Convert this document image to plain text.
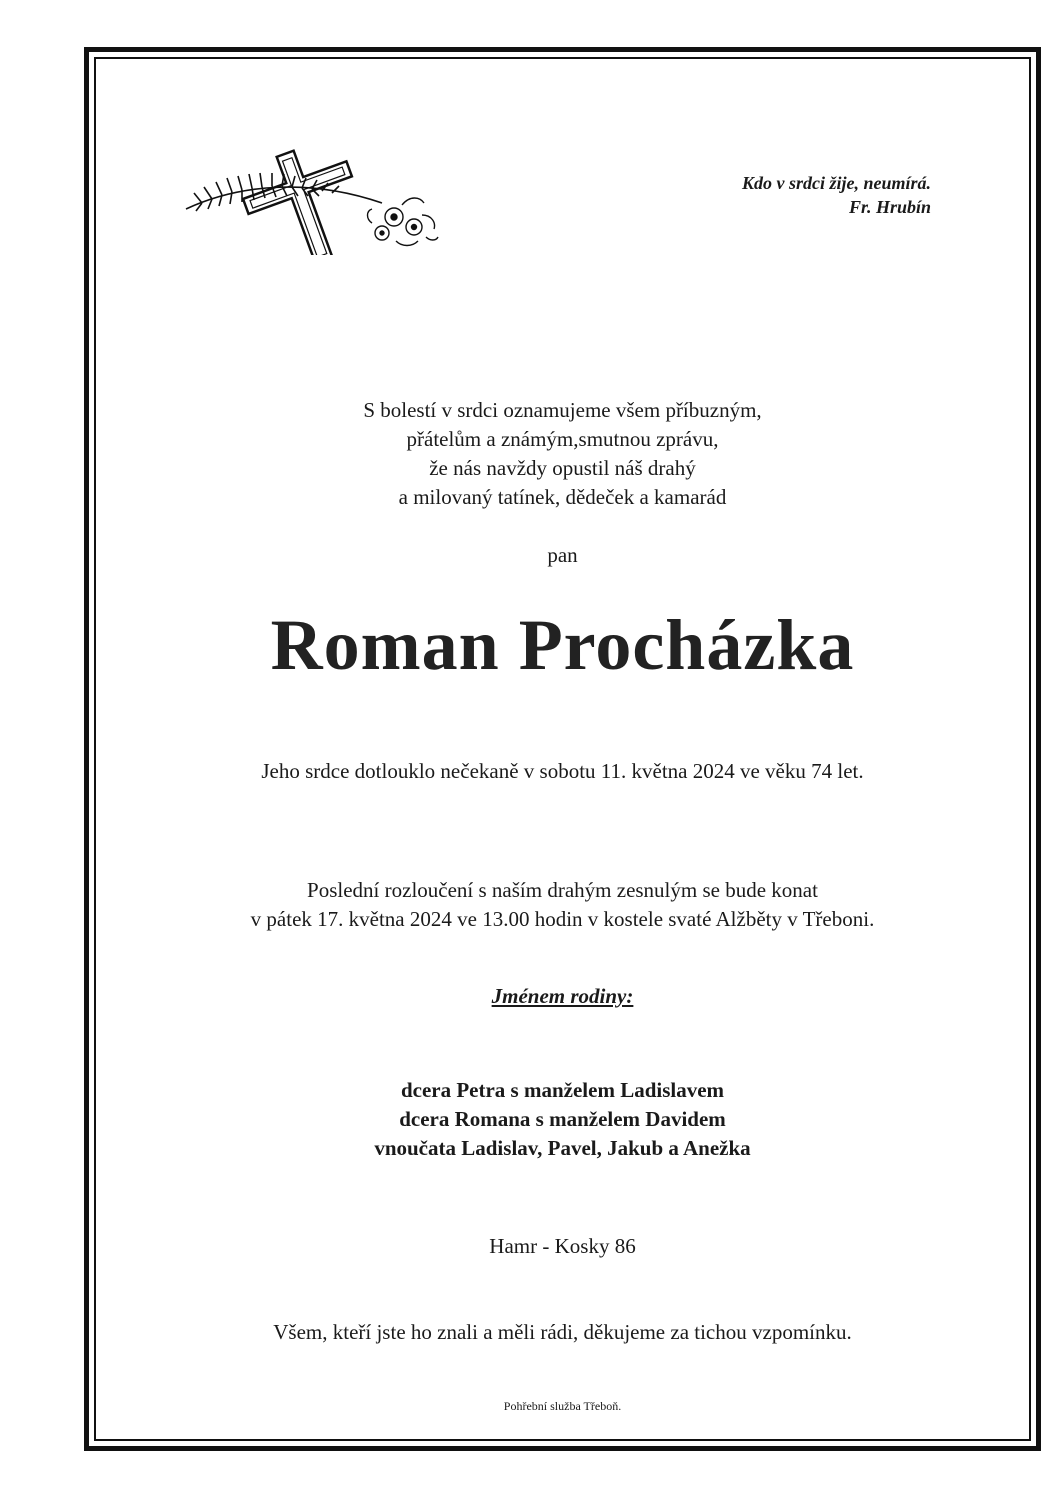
Kdo v srdci žije, neumírá.
Fr. Hrubín
S bolestí v srdci oznamujeme všem příbuzným,
přátelům a známým,smutnou zprávu,
že nás navždy opustil náš drahý
a milovaný tatínek, dědeček a kamarád
pan
Roman Procházka
Jeho srdce dotlouklo nečekaně v sobotu 11. května 2024 ve věku 74 let.
Poslední rozloučení s naším drahým zesnulým se bude konat
v pátek 17. května 2024 ve 13.00 hodin v kostele svaté Alžběty v Třeboni.
Jménem rodiny:
dcera Petra s manželem Ladislavem
dcera Romana s manželem Davidem
vnoučata Ladislav, Pavel, Jakub a Anežka
Hamr - Kosky 86
Všem, kteří jste ho znali a měli rádi, děkujeme za tichou vzpomínku.
Pohřební služba Třeboň.
